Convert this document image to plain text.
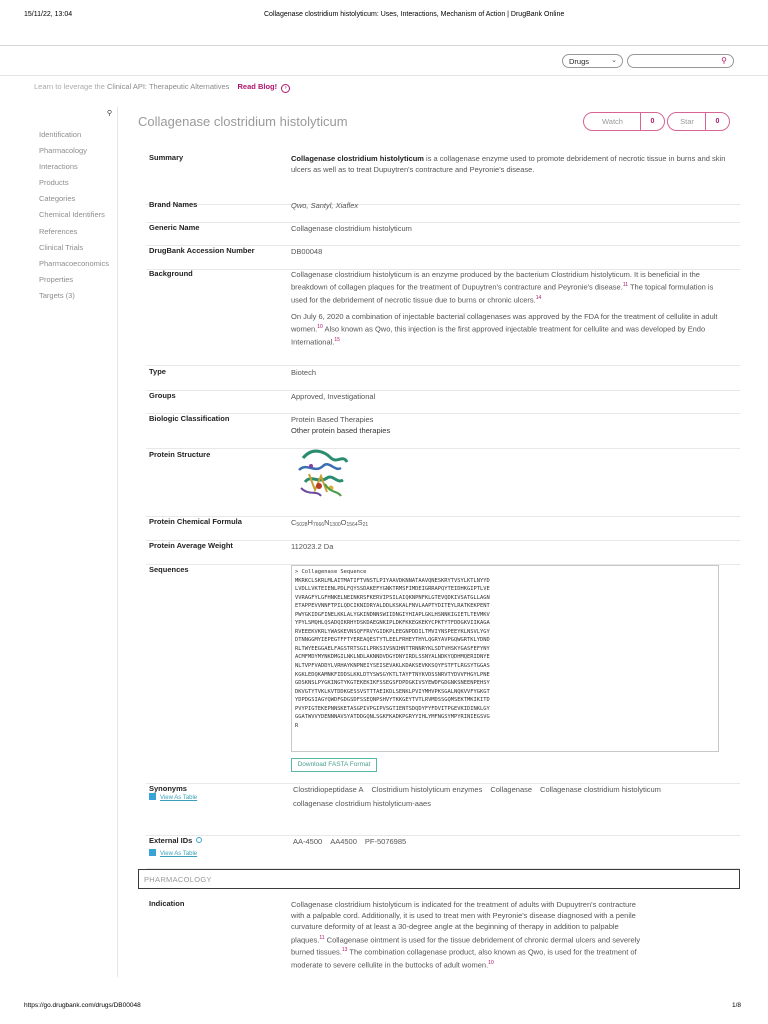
15/11/22, 13:04	Collagenase clostridium histolyticum: Uses, Interactions, Mechanism of Action | DrugBank Online
Drugs	⌄	⚲
Learn to leverage the Clinical API: Therapeutic Alternatives Read Blog! ›
⚲
Identification
Pharmacology
Interactions
Products
Categories
Chemical Identifiers
References
Clinical Trials
Pharmacoeconomics
Properties
Targets (3)
Collagenase clostridium histolyticum	Watch	0	Star	0
Summary	Collagenase clostridium histolyticum is a collagenase enzyme used to promote debridement of necrotic tissue in burns and skin ulcers as well as to treat Dupuytren's contracture and Peyronie's disease.
Brand Names	Qwo, Santyl, Xiaflex
Generic Name	Collagenase clostridium histolyticum
DrugBank Accession Number	DB00048
Background	Collagenase clostridium histolyticum is an enzyme produced by the bacterium Clostridium histolyticum. It is beneficial in the breakdown of collagen plaques for the treatment of Dupuytren's contracture and Peyronie's disease.$^{11}$ The topical formulation is used for the debridement of necrotic tissue due to burns or chronic ulcers.$^{14}$

On July 6, 2020 a combination of injectable bacterial collagenases was approved by the FDA for the treatment of cellulite in adult women.$^{10}$ Also known as Qwo, this injection is the first approved injectable treatment for cellulite and was developed by Endo International.$^{15}$

Type	Biotech
Groups	Approved, Investigational
Biologic Classification	Protein Based Therapies
Other protein based therapies
Protein Structure
Protein Chemical Formula	$C_{5028}H_{7666}N_{1300}O_{1564}S_{21}$
Protein Average Weight	112023.2 Da
Sequences	> Collagenase Sequence
MKRKCLSKRLMLAITMATIFTVNSTLPIYAAVDKNNATAAVQNESKRYTVSYLKTLNYYD
LVDLLVKTEIENLPDLFQYSSDAKEFYGNKTRMSFIMDEIGRRAPQYTEIDHKGIPTLVE
VVRAGFYLGFHNKELNEINKRSFKERVIPSILAIQKNPNFKLGTEVQDKIVSATGLLAGN
ETAPPEVVNNFTPILQDCIKNIDRYALDDLKSKALFNVLAAPTYDITEYLRATKEKPENT
PWYGKIDGFINELKKLALYGKINDNNSWIIDNGIYHIAPLGKLHSNNKIGIETLTEVMKV
YPYLSMQHLQSADQIKRHYDSKDAEGNKIPLDKFKKEGKEKYCPKTYTFDDGKVIIKAGA
RVEEEKVKRLYWASKEVNSQFFRVYGIDKPLEEGNPDDILTMVIYNSPEEYKLNSVLYGY
DTNNGGMYIEPEGTFFTYEREAQESTYTLEELFRHEYTHYLQGRYAVPGQWGRTKLYDND
RLTWYEEGGAELFAGSTRTSGILPRKSIVSNIHNTTRNNRYKLSDTVHSKYGASFEFYNY
ACMFMDYMYNKDMGILNKLNDLAKNNDVDGYDNYIRDLSSNYALNDKYQDHMQERIDNYE
NLTVPFVADDYLVRHAYKNPNEIYSEISEVAKLKDAKSEVKKSQYFSTFTLRGSYTGGAS
KGKLEDQKAMNKFIDDSLKKLDTYSWSGYKTLTAYFTNYKVDSSNRVTYDVVFHGYLPNE
GDSKNSLPYGKINGTYKGTEKEKIKFSSEGSFDPDGKIVSYEWDFGDGNKSNEENPEHSY
DKVGTYTVKLKVTDDKGESSVSTTTAEIKDLSENKLPVIYMHVPKSGALNQKVVFYGKGT
YDPDGSIAGYQWDFGDGSDFSSEQNPSHVYTKKGEYTVTLRVMDSSGQMSEKTMKIKITD
PVYPIGTEKEPNNSKETASGPIVPGIPVSGTIENTSDQDYFYFDVITPGEVKIDINKLGY
GGATWVVYDENNNAVSYATDDGQNLSGKFKADKPGRYYIHLYMFNGSYMPYRINIEGSVG
R
Download FASTA Format
Synonyms
View As Table
Clostridiopeptidase A Clostridium histolyticum enzymes Collagenase Collagenase clostridium histolyticum
collagenase clostridium histolyticum-aaes
External IDs
View As Table
AA-4500 AA4500 PF-5076985
PHARMACOLOGY
Indication	Collagenase clostridium histolyticum is indicated for the treatment of adults with Dupuytren's contracture with a palpable cord. Additionally, it is used to treat men with Peyronie's disease diagnosed with a penile curvature deformity of at least a 30-degree angle at the beginning of therapy in addition to palpable plaques.$^{11}$ Collagenase ointment is used for the tissue debridement of chronic dermal ulcers and severely burned tissues.$^{13}$ The combination collagenase product, also known as Qwo, is used for the treatment of moderate to severe cellulite in the buttocks of adult women.$^{10}$
https://go.drugbank.com/drugs/DB00048	1/8
